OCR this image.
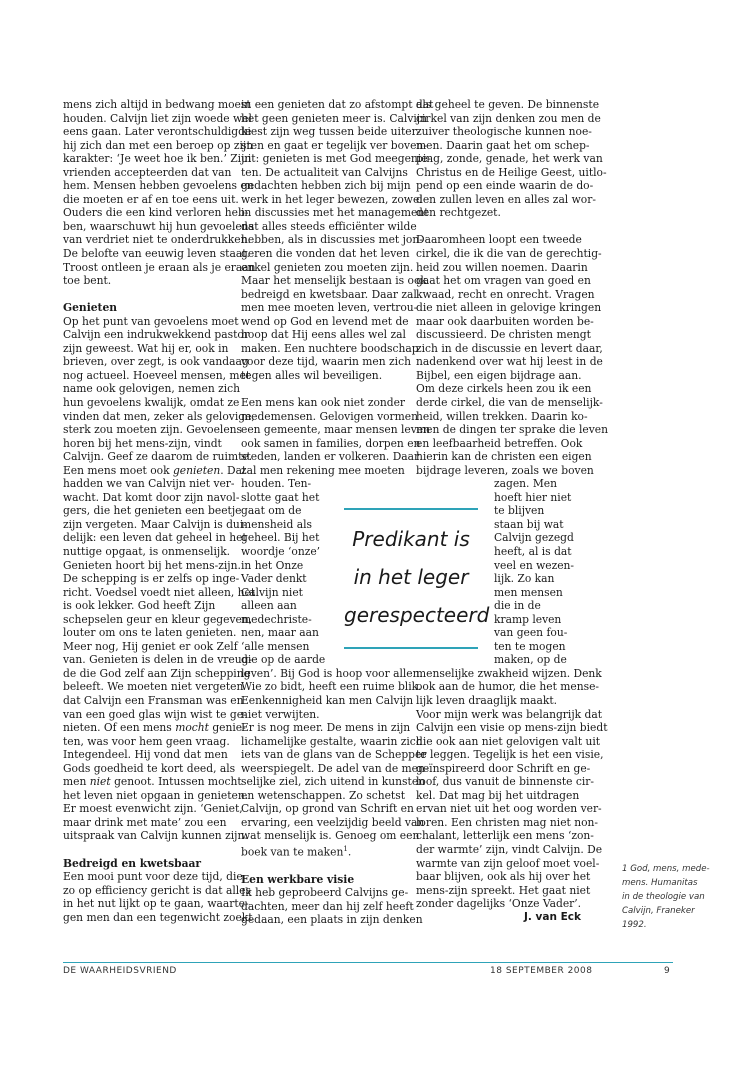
mens zich altijd in bedwang moest
houden. Calvijn liet zijn woede wel
eens gaan. Later verontschuldigde
hij zich dan met een beroep op zijn
karakter: ‘Je weet hoe ik ben.’ Zijn
vrienden accepteerden dat van
hem. Mensen hebben gevoelens en
die moeten er af en toe eens uit.
Ouders die een kind verloren heb-
ben, waarschuwt hij hun gevoelens
van verdriet niet te onderdrukken.
De belofte van eeuwig leven staat.
Troost ontleen je eraan als je eraan
toe bent.

Genieten

Op het punt van gevoelens moet
Calvijn een indrukwekkend pastor
zijn geweest. Wat hij er, ook in
brieven, over zegt, is ook vandaag
nog actueel. Hoeveel mensen, met
name ook gelovigen, nemen zich
hun gevoelens kwalijk, omdat ze
vinden dat men, zeker als gelovige,
sterk zou moeten zijn. Gevoelens
horen bij het mens-zijn, vindt
Calvijn. Geef ze daarom de ruimte.
Een mens moet ook genieten. Dat
hadden we van Calvijn niet ver-
wacht. Dat komt door zijn navol-
gers, die het genieten een beetje
zijn vergeten. Maar Calvijn is dui-
delijk: een leven dat geheel in het
nuttige opgaat, is onmenselijk.
Genieten hoort bij het mens-zijn.
De schepping is er zelfs op inge-
richt. Voedsel voedt niet alleen, het
is ook lekker. God heeft Zijn
schepselen geur en kleur gegeven,
louter om ons te laten genieten.
Meer nog, Hij geniet er ook Zelf
van. Genieten is delen in de vreug-
de die God zelf aan Zijn schepping
beleeft. We moeten niet vergeten
dat Calvijn een Fransman was en
van een goed glas wijn wist te ge-
nieten. Of een mens mocht genie-
ten, was voor hem geen vraag.
Integendeel. Hij vond dat men
Gods goedheid te kort deed, als
men niet genoot. Intussen mocht
het leven niet opgaan in genieten.
Er moest evenwicht zijn. ‘Geniet,
maar drink met mate’ zou een
uitspraak van Calvijn kunnen zijn.

Bedreigd en kwetsbaar

Een mooi punt voor deze tijd, die
zo op efficiency gericht is dat alles
in het nut lijkt op te gaan, waarte-
gen men dan een tegenwicht zoekt

in een genieten dat zo afstompt dat
het geen genieten meer is. Calvijn
kiest zijn weg tussen beide uiter-
sten en gaat er tegelijk ver boven-
uit: genieten is met God meegenie-
ten. De actualiteit van Calvijns
gedachten hebben zich bij mijn
werk in het leger bewezen, zowel
in discussies met het management
dat alles steeds efficiënter wilde
hebben, als in discussies met jon-
geren die vonden dat het leven
enkel genieten zou moeten zijn.
Maar het menselijk bestaan is ook
bedreigd en kwetsbaar. Daar zal
men mee moeten leven, vertrou-
wend op God en levend met de
hoop dat Hij eens alles wel zal
maken. Een nuchtere boodschap
voor deze tijd, waarin men zich
tegen alles wil beveiligen.

Een mens kan ook niet zonder
medemensen. Gelovigen vormen
een gemeente, maar mensen leven
ook samen in families, dorpen en
steden, landen er volkeren. Daar
zal men rekening mee moeten
houden. Ten-
slotte gaat het
gaat om de
mensheid als
geheel. Bij het
woordje ‘onze’
in het Onze
Vader denkt
Calvijn niet
alleen aan
medechriste-
nen, maar aan
‘alle mensen
die op de aarde
leven’. Bij God is hoop voor allen.
Wie zo bidt, heeft een ruime blik.
Eenkennigheid kan men Calvijn
niet verwijten.
Er is nog meer. De mens in zijn
lichamelijke gestalte, waarin zich
iets van de glans van de Schepper
weerspiegelt. De adel van de men-
selijke ziel, zich uitend in kunsten
en wetenschappen. Zo schetst
Calvijn, op grond van Schrift en
ervaring, een veelzijdig beeld van
wat menselijk is. Genoeg om een
boek van te maken$^1$.

Een werkbare visie

Ik heb geprobeerd Calvijns ge-
dachten, meer dan hij zelf heeft
gedaan, een plaats in zijn denken

als geheel te geven. De binnenste
cirkel van zijn denken zou men de
zuiver theologische kunnen noe-
men. Daarin gaat het om schep-
ping, zonde, genade, het werk van
Christus en de Heilige Geest, uitlo-
pend op een einde waarin de do-
den zullen leven en alles zal wor-
den rechtgezet.

Daaromheen loopt een tweede
cirkel, die ik die van de gerechtig-
heid zou willen noemen. Daarin
gaat het om vragen van goed en
kwaad, recht en onrecht. Vragen
die niet alleen in gelovige kringen
maar ook daarbuiten worden be-
discussieerd. De christen mengt
zich in de discussie en levert daar,
nadenkend over wat hij leest in de
Bijbel, een eigen bijdrage aan.
Om deze cirkels heen zou ik een
derde cirkel, die van de menselijk-
heid, willen trekken. Daarin ko-
men de dingen ter sprake die leven
en leefbaarheid betreffen. Ook
hierin kan de christen een eigen
bijdrage leveren, zoals we boven
zagen. Men
hoeft hier niet
te blijven
staan bij wat
Calvijn gezegd
heeft, al is dat
veel en wezen-
lijk. Zo kan
men mensen
die in de
kramp leven
van geen fou-
ten te mogen
maken, op de
menselijke zwakheid wijzen. Denk
ook aan de humor, die het mense-
lijk leven draaglijk maakt.

Voor mijn werk was belangrijk dat
Calvijn een visie op mens-zijn biedt
die ook aan niet gelovigen valt uit
te leggen. Tegelijk is het een visie,
geïnspireerd door Schrift en ge-
loof, dus vanuit de binnenste cir-
kel. Dat mag bij het uitdragen
ervan niet uit het oog worden ver-
loren. Een christen mag niet non-
chalant, letterlijk een mens ‘zon-
der warmte’ zijn, vindt Calvijn. De
warmte van zijn geloof moet voel-
baar blijven, ook als hij over het
mens-zijn spreekt. Het gaat niet
zonder dagelijks ‘Onze Vader’.

J. van Eck

Predikant is
in het leger
gerespecteerd
1 God, mens, mede-
mens. Humanitas
in de theologie van
Calvijn, Franeker
1992.
DE WAARHEIDSVRIEND	18 SEPTEMBER 2008	9
